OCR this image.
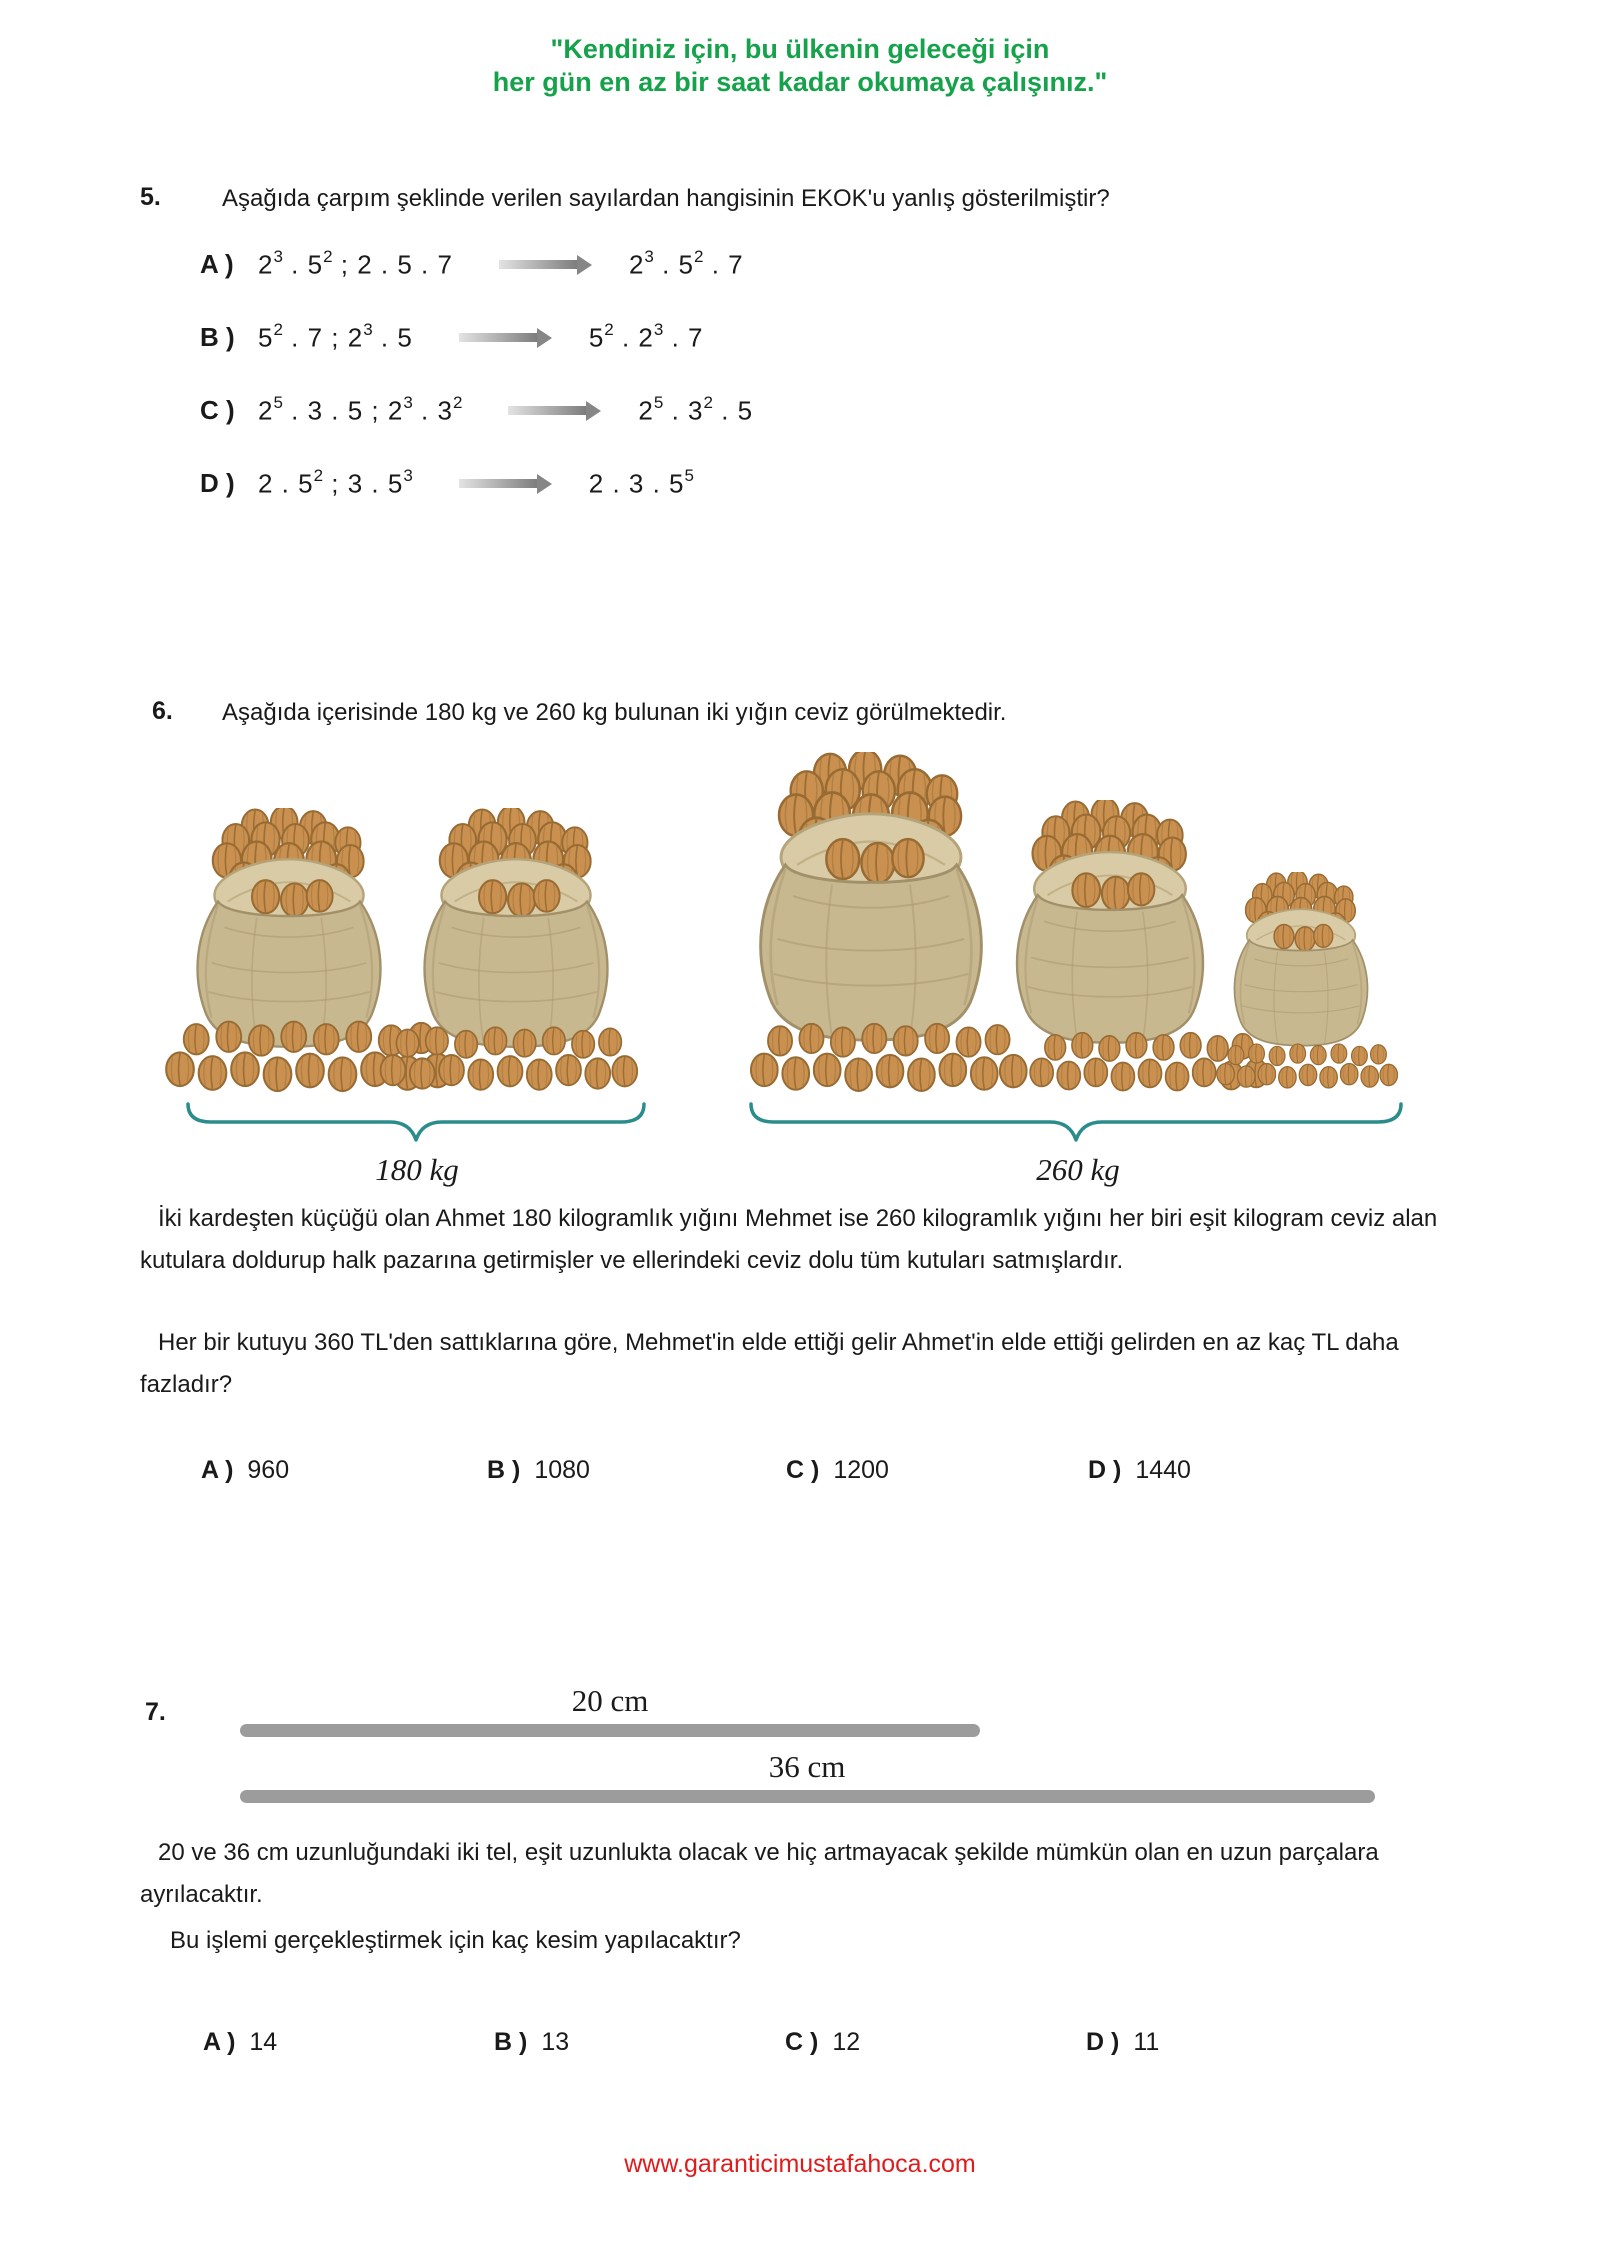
"Kendiniz için, bu ülkenin geleceği için
her gün en az bir saat kadar okumaya çalışınız."
5.	Aşağıda çarpım şeklinde verilen sayılardan hangisinin EKOK'u yanlış gösterilmiştir?
A ) $2^3$ . $5^2$ ; 2 . 5 . 7	$2^3$ . $5^2$ . 7
B ) $5^2$ . 7 ; $2^3$ . 5	$5^2$ . $2^3$ . 7
C ) $2^5$ . 3 . 5 ; $2^3$ . $3^2$	$2^5$ . $3^2$ . 5
D ) 2 . $5^2$ ; 3 . $5^3$	2 . 3 . $5^5$
6. Aşağıda içerisinde 180 kg ve 260 kg bulunan iki yığın ceviz görülmektedir.
180 kg	260 kg
İki kardeşten küçüğü olan Ahmet 180 kilogramlık yığını Mehmet ise 260 kilogramlık yığını her biri eşit kilogram ceviz alan kutulara doldurup halk pazarına getirmişler ve ellerindeki ceviz dolu tüm kutuları satmışlardır.
Her bir kutuyu 360 TL'den sattıklarına göre, Mehmet'in elde ettiği gelir Ahmet'in elde ettiği gelirden en az kaç TL daha fazladır?
A ) 960	B ) 1080	C ) 1200	D ) 1440
7.	20 cm
36 cm
20 ve 36 cm uzunluğundaki iki tel, eşit uzunlukta olacak ve hiç artmayacak şekilde mümkün olan en uzun parçalara ayrılacaktır.
Bu işlemi gerçekleştirmek için kaç kesim yapılacaktır?
A ) 14	B ) 13	C ) 12	D ) 11
www.garanticimustafahoca.com
